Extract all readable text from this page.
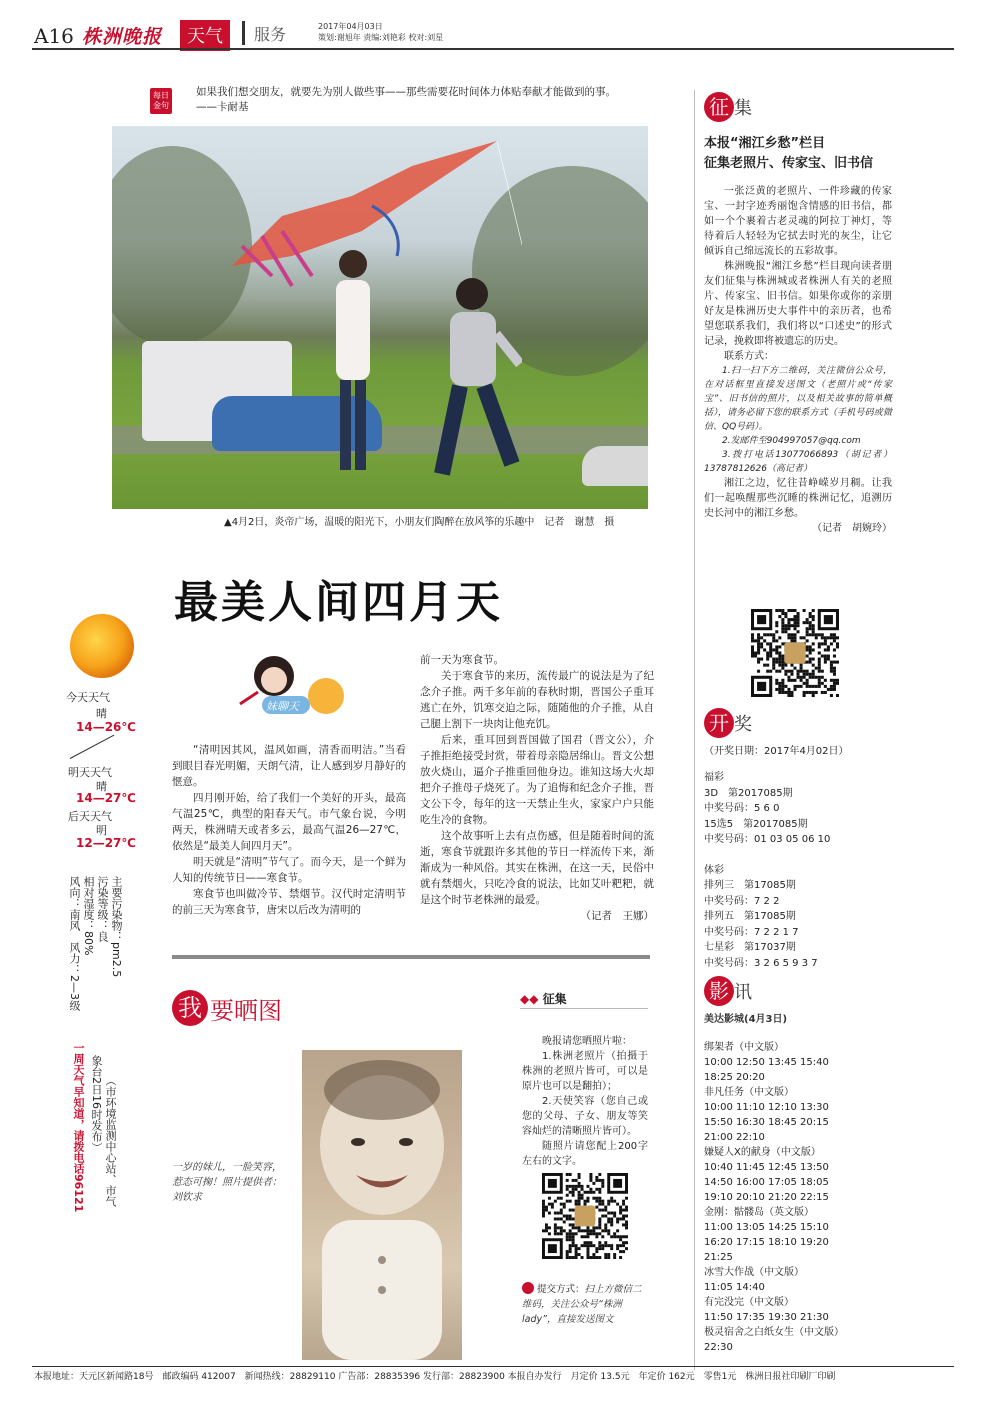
A16 株洲晚报	天气	服务	2017年04月03日
策划:谢旭年 责编:刘艳彩 校对:刘星
每日金句
如果我们想交朋友，就要先为别人做些事——那些需要花时间体力体贴奉献才能做到的事。——卡耐基
▲4月2日，炎帝广场，温暖的阳光下，小朋友们陶醉在放风筝的乐趣中　记者　谢慧　摄
最美人间四月天
今天天气
晴
14—26℃
明天天气
晴
14—27℃
后天天气
明
12—27℃
主要污染物：pm2.5
污染等级：良
相对湿度：80%
风向：南风　风力：2—3级
（市环境监测中心站、市气
象台2日16时发布）
一周天气早知道，请拨电话96121
妹聊天

“清明因其风，温风如画，清香而明洁。”当看到眼目春光明媚，天朗气清，让人感到岁月静好的惬意。

四月刚开始，给了我们一个美好的开头，最高气温25℃，典型的阳春天气。市气象台说，今明两天，株洲晴天或者多云，最高气温26—27℃，依然是“最美人间四月天”。

明天就是“清明”节气了。而今天，是一个鲜为人知的传统节日——寒食节。

寒食节也叫做冷节、禁烟节。汉代时定清明节的前三天为寒食节，唐宋以后改为清明的

前一天为寒食节。

关于寒食节的来历，流传最广的说法是为了纪念介子推。两千多年前的春秋时期，晋国公子重耳逃亡在外，饥寒交迫之际，随随他的介子推，从自己腿上割下一块肉让他充饥。

后来，重耳回到晋国做了国君（晋文公），介子推拒绝接受封赏，带着母亲隐居绵山。晋文公想放火烧山，逼介子推重回他身边。谁知这场大火却把介子推母子烧死了。为了追悔和纪念介子推，晋文公下令，每年的这一天禁止生火，家家户户只能吃生冷的食物。

这个故事听上去有点伤感，但是随着时间的流逝，寒食节就跟许多其他的节日一样流传下来，渐渐成为一种风俗。其实在株洲，在这一天，民俗中就有禁烟火，只吃冷食的说法，比如艾叶粑粑，就是这个时节老株洲的最爱。

（记者　王娜）

我 要晒图
一岁的妹儿，一脸笑容，惹态可掬！照片提供者：刘钦求
◆◆ 征集
晚报请您晒照片啦：
1.株洲老照片（拍摄于株洲的老照片皆可，可以是原片也可以是翻拍）；
2.天使笑容（您自己或您的父母、子女、朋友等笑容灿烂的清晰照片皆可）。
随照片请您配上200字左右的文字。
提交方式：扫上方微信二维码，关注公众号“株洲lady”，直接发送图文
征 集
本报“湘江乡愁”栏目
征集老照片、传家宝、旧书信

一张泛黄的老照片、一件珍藏的传家宝、一封字迹秀丽饱含情感的旧书信，都如一个个裹着古老灵魂的阿拉丁神灯，等待着后人轻轻为它拭去时光的灰尘，让它倾诉自己绵远流长的五彩故事。

株洲晚报“湘江乡愁”栏目现向读者朋友们征集与株洲城或者株洲人有关的老照片、传家宝、旧书信。如果你或你的亲朋好友是株洲历史大事件中的亲历者，也希望您联系我们，我们将以“口述史”的形式记录，挽救即将被遗忘的历史。

联系方式：

1.扫一扫下方二维码，关注微信公众号，在对话框里直接发送图文（老照片或“传家宝”、旧书信的照片，以及相关故事的简单概括），请务必留下您的联系方式（手机号码或微信、QQ号码）。

2.发邮件至904997057@qq.com

3.拨打电话13077066893（胡记者）13787812626（高记者）

湘江之边，忆往昔峥嵘岁月稠。让我们一起唤醒那些沉睡的株洲记忆，追溯历史长河中的湘江乡愁。

（记者　胡婉玲）

开 奖
（开奖日期：2017年4月02日）
福彩
3D　第2017085期
中奖号码：5 6 0
15选5　第2017085期
中奖号码：01 03 05 06 10
体彩
排列三　第17085期
中奖号码：7 2 2
排列五　第17085期
中奖号码：7 2 2 1 7
七星彩　第17037期
中奖号码：3 2 6 5 9 3 7
影 讯
美达影城(4月3日)
绑架者（中文版）
10:00 12:50 13:45 15:40
18:25 20:20
非凡任务（中文版）
10:00 11:10 12:10 13:30
15:50 16:30 18:45 20:15
21:00 22:10
嫌疑人X的献身（中文版）
10:40 11:45 12:45 13:50
14:50 16:00 17:05 18:05
19:10 20:10 21:20 22:15
金刚：骷髅岛（英文版）
11:00 13:05 14:25 15:10
16:20 17:15 18:10 19:20
21:25
冰雪大作战（中文版）
11:05 14:40
有完没完（中文版）
11:50 17:35 19:30 21:30
极灵宿舍之白纸女生（中文版）
22:30
本报地址：天元区新闻路18号　邮政编码 412007　新闻热线：28829110 广告部：28835396 发行部：28823900 本报自办发行　月定价 13.5元　年定价 162元　零售1元　株洲日报社印刷厂印刷
